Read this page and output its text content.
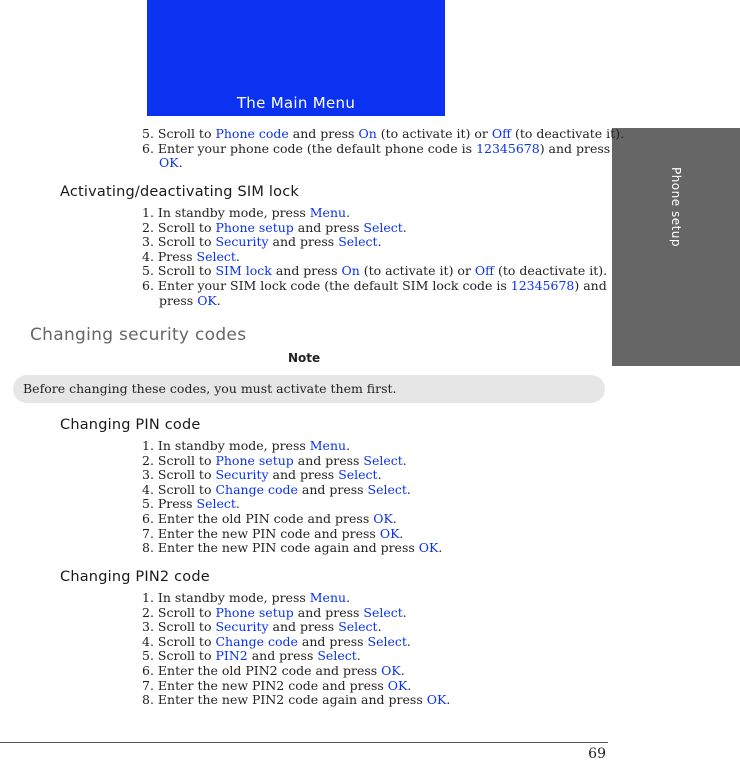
The Main Menu
Phone setup
5. Scroll to Phone code and press On (to activate it) or Off (to deactivate it).
6. Enter your phone code (the default phone code is 12345678) and press
OK.
Activating/deactivating SIM lock
1. In standby mode, press Menu.
2. Scroll to Phone setup and press Select.
3. Scroll to Security and press Select.
4. Press Select.
5. Scroll to SIM lock and press On (to activate it) or Off (to deactivate it).
6. Enter your SIM lock code (the default SIM lock code is 12345678) and
press OK.
Changing security codes
Note
Before changing these codes, you must activate them first.
Changing PIN code
1. In standby mode, press Menu.
2. Scroll to Phone setup and press Select.
3. Scroll to Security and press Select.
4. Scroll to Change code and press Select.
5. Press Select.
6. Enter the old PIN code and press OK.
7. Enter the new PIN code and press OK.
8. Enter the new PIN code again and press OK.
Changing PIN2 code
1. In standby mode, press Menu.
2. Scroll to Phone setup and press Select.
3. Scroll to Security and press Select.
4. Scroll to Change code and press Select.
5. Scroll to PIN2 and press Select.
6. Enter the old PIN2 code and press OK.
7. Enter the new PIN2 code and press OK.
8. Enter the new PIN2 code again and press OK.
69
